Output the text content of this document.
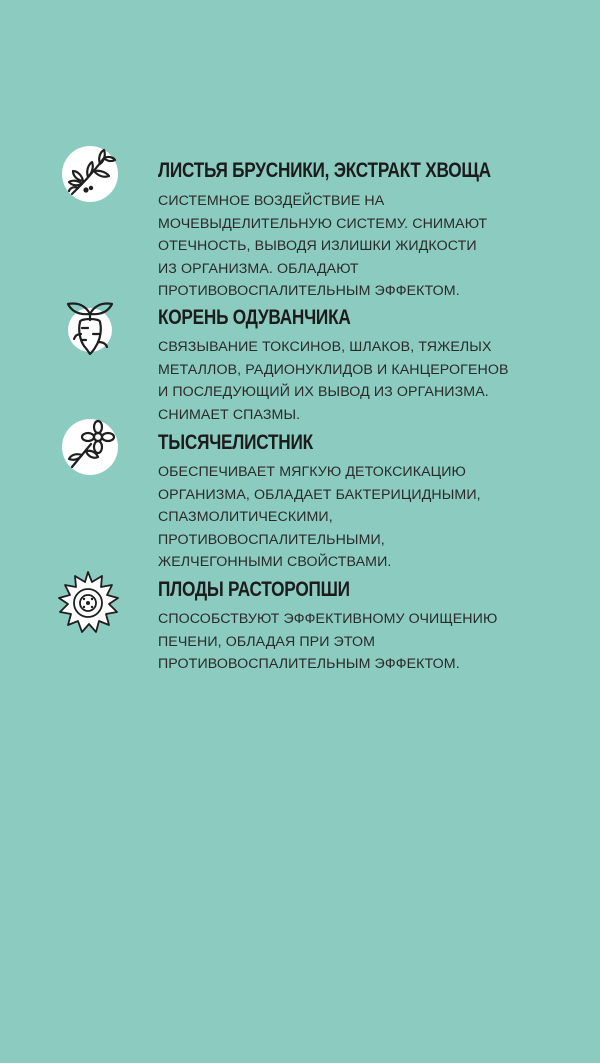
ЛИСТЬЯ БРУСНИКИ, ЭКСТРАКТ ХВОЩА
СИСТЕМНОЕ ВОЗДЕЙСТВИЕ НА
МОЧЕВЫДЕЛИТЕЛЬНУЮ СИСТЕМУ. СНИМАЮТ
ОТЕЧНОСТЬ, ВЫВОДЯ ИЗЛИШКИ ЖИДКОСТИ
ИЗ ОРГАНИЗМА. ОБЛАДАЮТ
ПРОТИВОВОСПАЛИТЕЛЬНЫМ ЭФФЕКТОМ.
КОРЕНЬ ОДУВАНЧИКА
СВЯЗЫВАНИЕ ТОКСИНОВ, ШЛАКОВ, ТЯЖЕЛЫХ
МЕТАЛЛОВ, РАДИОНУКЛИДОВ И КАНЦЕРОГЕНОВ
И ПОСЛЕДУЮЩИЙ ИХ ВЫВОД ИЗ ОРГАНИЗМА.
СНИМАЕТ СПАЗМЫ.
ТЫСЯЧЕЛИСТНИК
ОБЕСПЕЧИВАЕТ МЯГКУЮ ДЕТОКСИКАЦИЮ
ОРГАНИЗМА, ОБЛАДАЕТ БАКТЕРИЦИДНЫМИ,
СПАЗМОЛИТИЧЕСКИМИ,
ПРОТИВОВОСПАЛИТЕЛЬНЫМИ,
ЖЕЛЧЕГОННЫМИ СВОЙСТВАМИ.
ПЛОДЫ РАСТОРОПШИ
СПОСОБСТВУЮТ ЭФФЕКТИВНОМУ ОЧИЩЕНИЮ
ПЕЧЕНИ, ОБЛАДАЯ ПРИ ЭТОМ
ПРОТИВОВОСПАЛИТЕЛЬНЫМ ЭФФЕКТОМ.
